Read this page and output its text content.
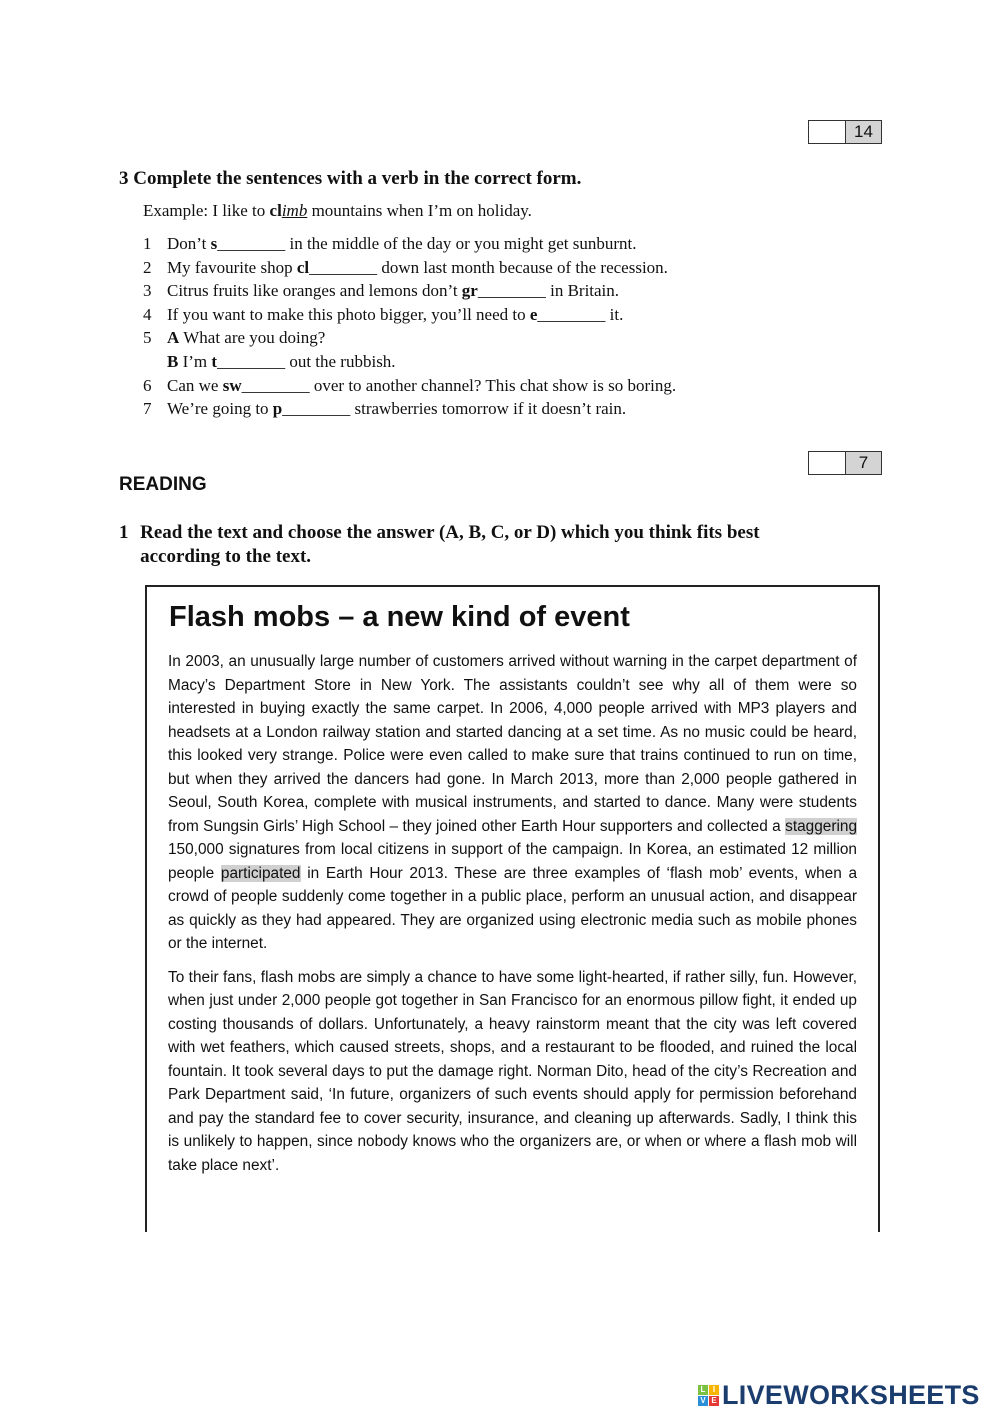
14
3 Complete the sentences with a verb in the correct form.
Example: I like to climb mountains when I’m on holiday.
1 Don’t s________ in the middle of the day or you might get sunburnt.
2 My favourite shop cl________ down last month because of the recession.
3 Citrus fruits like oranges and lemons don’t gr________ in Britain.
4 If you want to make this photo bigger, you’ll need to e________ it.
5 A What are you doing?
B I’m t________ out the rubbish.
6 Can we sw________ over to another channel? This chat show is so boring.
7 We’re going to p________ strawberries tomorrow if it doesn’t rain.
7
READING
1 Read the text and choose the answer (A, B, C, or D) which you think fits best according to the text.
Flash mobs – a new kind of event

In 2003, an unusually large number of customers arrived without warning in the carpet department of Macy’s Department Store in New York. The assistants couldn’t see why all of them were so interested in buying exactly the same carpet. In 2006, 4,000 people arrived with MP3 players and headsets at a London railway station and started dancing at a set time. As no music could be heard, this looked very strange. Police were even called to make sure that trains continued to run on time, but when they arrived the dancers had gone. In March 2013, more than 2,000 people gathered in Seoul, South Korea, complete with musical instruments, and started to dance. Many were students from Sungsin Girls’ High School – they joined other Earth Hour supporters and collected a staggering 150,000 signatures from local citizens in support of the campaign. In Korea, an estimated 12 million people participated in Earth Hour 2013. These are three examples of ‘flash mob’ events, when a crowd of people suddenly come together in a public place, perform an unusual action, and disappear as quickly as they had appeared. They are organized using electronic media such as mobile phones or the internet.

To their fans, flash mobs are simply a chance to have some light-hearted, if rather silly, fun. However, when just under 2,000 people got together in San Francisco for an enormous pillow fight, it ended up costing thousands of dollars. Unfortunately, a heavy rainstorm meant that the city was left covered with wet feathers, which caused streets, shops, and a restaurant to be flooded, and ruined the local fountain. It took several days to put the damage right. Norman Dito, head of the city’s Recreation and Park Department said, ‘In future, organizers of such events should apply for permission beforehand and pay the standard fee to cover security, insurance, and cleaning up afterwards. Sadly, I think this is unlikely to happen, since nobody knows who the organizers are, or when or where a flash mob will take place next’.

L I
V E LIVEWORKSHEETS
